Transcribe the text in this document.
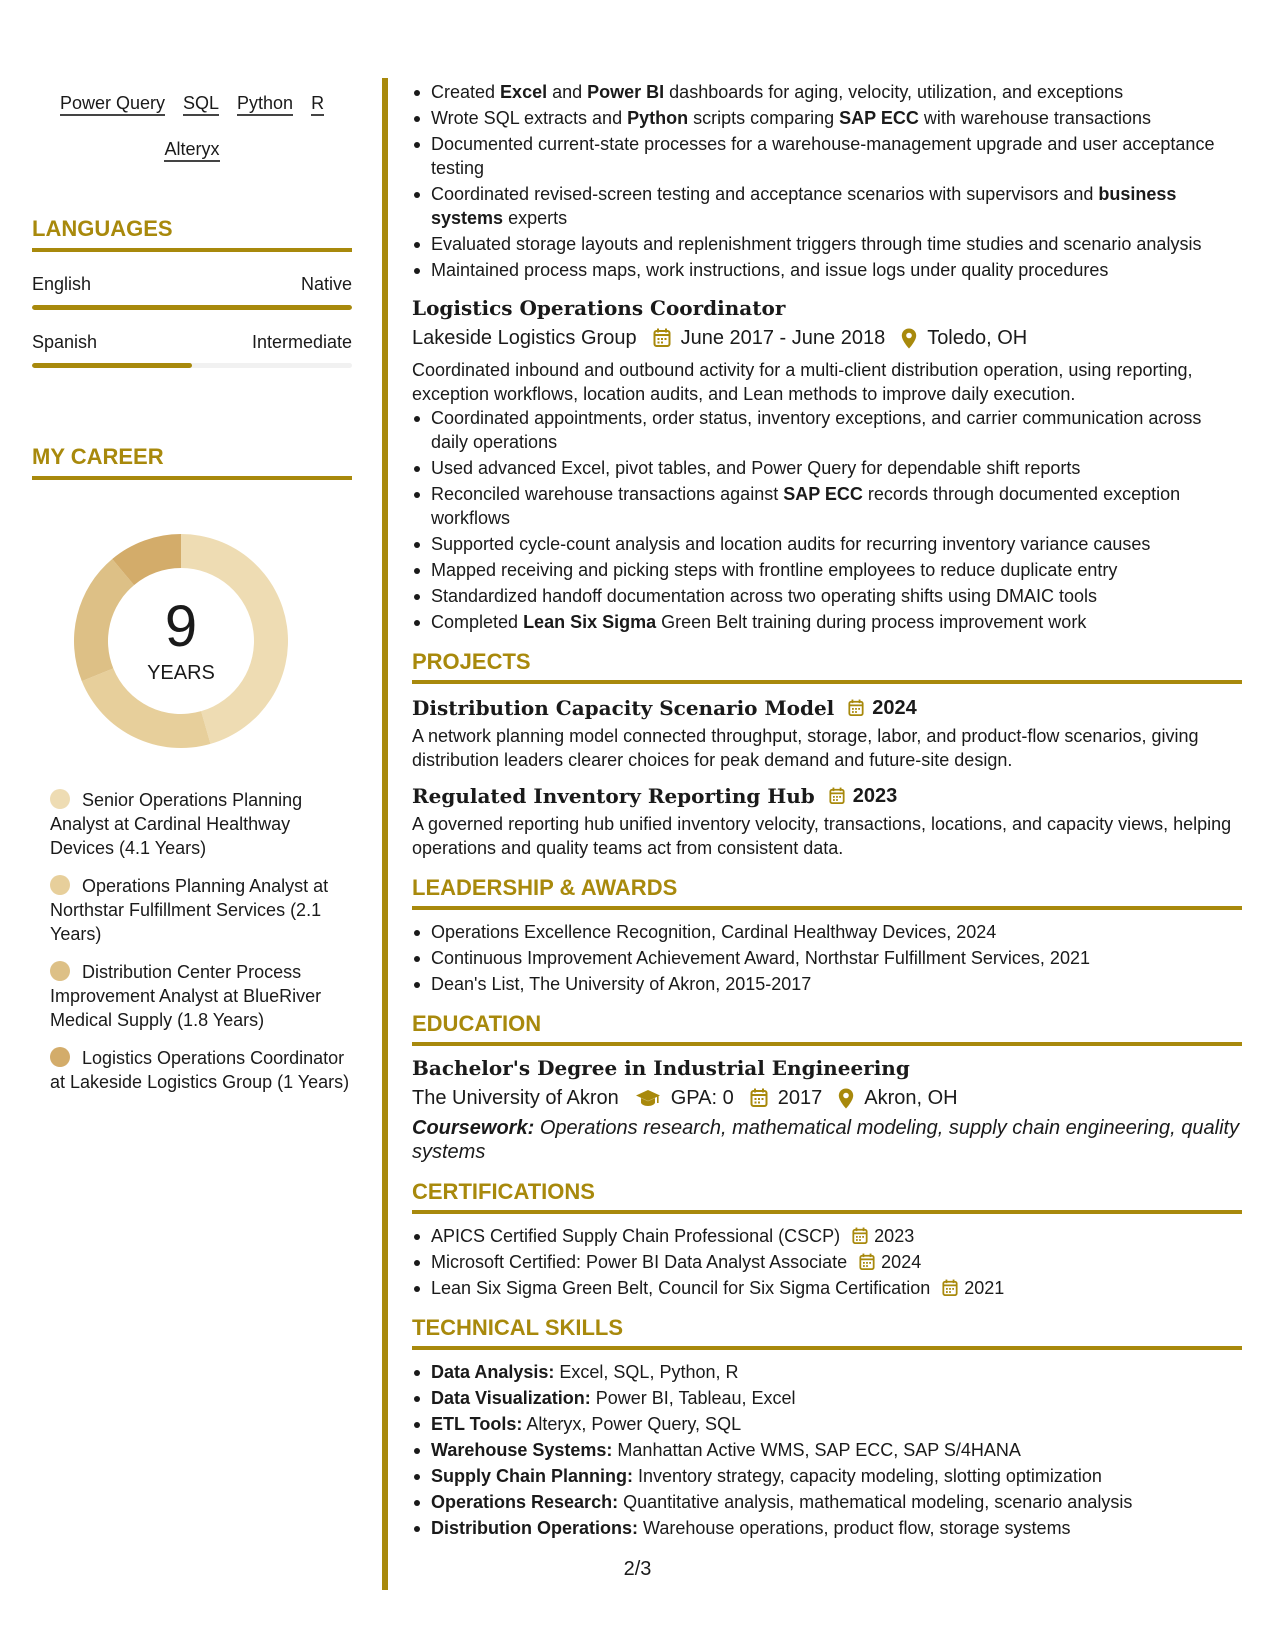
Power Query SQL Python R
Alteryx
LANGUAGES
English	Native
Spanish	Intermediate
MY CAREER
9
YEARS
Senior Operations Planning Analyst at Cardinal Healthway Devices (4.1 Years)
Operations Planning Analyst at Northstar Fulfillment Services (2.1 Years)
Distribution Center Process Improvement Analyst at BlueRiver Medical Supply (1.8 Years)
Logistics Operations Coordinator at Lakeside Logistics Group (1 Years)
Created Excel and Power BI dashboards for aging, velocity, utilization, and exceptions
Wrote SQL extracts and Python scripts comparing SAP ECC with warehouse transactions
Documented current-state processes for a warehouse-management upgrade and user acceptance testing
Coordinated revised-screen testing and acceptance scenarios with supervisors and business systems experts
Evaluated storage layouts and replenishment triggers through time studies and scenario analysis
Maintained process maps, work instructions, and issue logs under quality procedures
Logistics Operations Coordinator
Lakeside Logistics Group June 2017 - June 2018 Toledo, OH
Coordinated inbound and outbound activity for a multi-client distribution operation, using reporting, exception workflows, location audits, and Lean methods to improve daily execution.
Coordinated appointments, order status, inventory exceptions, and carrier communication across daily operations
Used advanced Excel, pivot tables, and Power Query for dependable shift reports
Reconciled warehouse transactions against SAP ECC records through documented exception workflows
Supported cycle-count analysis and location audits for recurring inventory variance causes
Mapped receiving and picking steps with frontline employees to reduce duplicate entry
Standardized handoff documentation across two operating shifts using DMAIC tools
Completed Lean Six Sigma Green Belt training during process improvement work
PROJECTS
Distribution Capacity Scenario Model 2024
A network planning model connected throughput, storage, labor, and product-flow scenarios, giving distribution leaders clearer choices for peak demand and future-site design.
Regulated Inventory Reporting Hub 2023
A governed reporting hub unified inventory velocity, transactions, locations, and capacity views, helping operations and quality teams act from consistent data.
LEADERSHIP & AWARDS
Operations Excellence Recognition, Cardinal Healthway Devices, 2024
Continuous Improvement Achievement Award, Northstar Fulfillment Services, 2021
Dean's List, The University of Akron, 2015-2017
EDUCATION
Bachelor's Degree in Industrial Engineering
The University of Akron	GPA: 0 2017 Akron, OH
Coursework: Operations research, mathematical modeling, supply chain engineering, quality systems
CERTIFICATIONS
APICS Certified Supply Chain Professional (CSCP) 2023
Microsoft Certified: Power BI Data Analyst Associate 2024
Lean Six Sigma Green Belt, Council for Six Sigma Certification 2021
TECHNICAL SKILLS
Data Analysis: Excel, SQL, Python, R
Data Visualization: Power BI, Tableau, Excel
ETL Tools: Alteryx, Power Query, SQL
Warehouse Systems: Manhattan Active WMS, SAP ECC, SAP S/4HANA
Supply Chain Planning: Inventory strategy, capacity modeling, slotting optimization
Operations Research: Quantitative analysis, mathematical modeling, scenario analysis
Distribution Operations: Warehouse operations, product flow, storage systems
2/3
